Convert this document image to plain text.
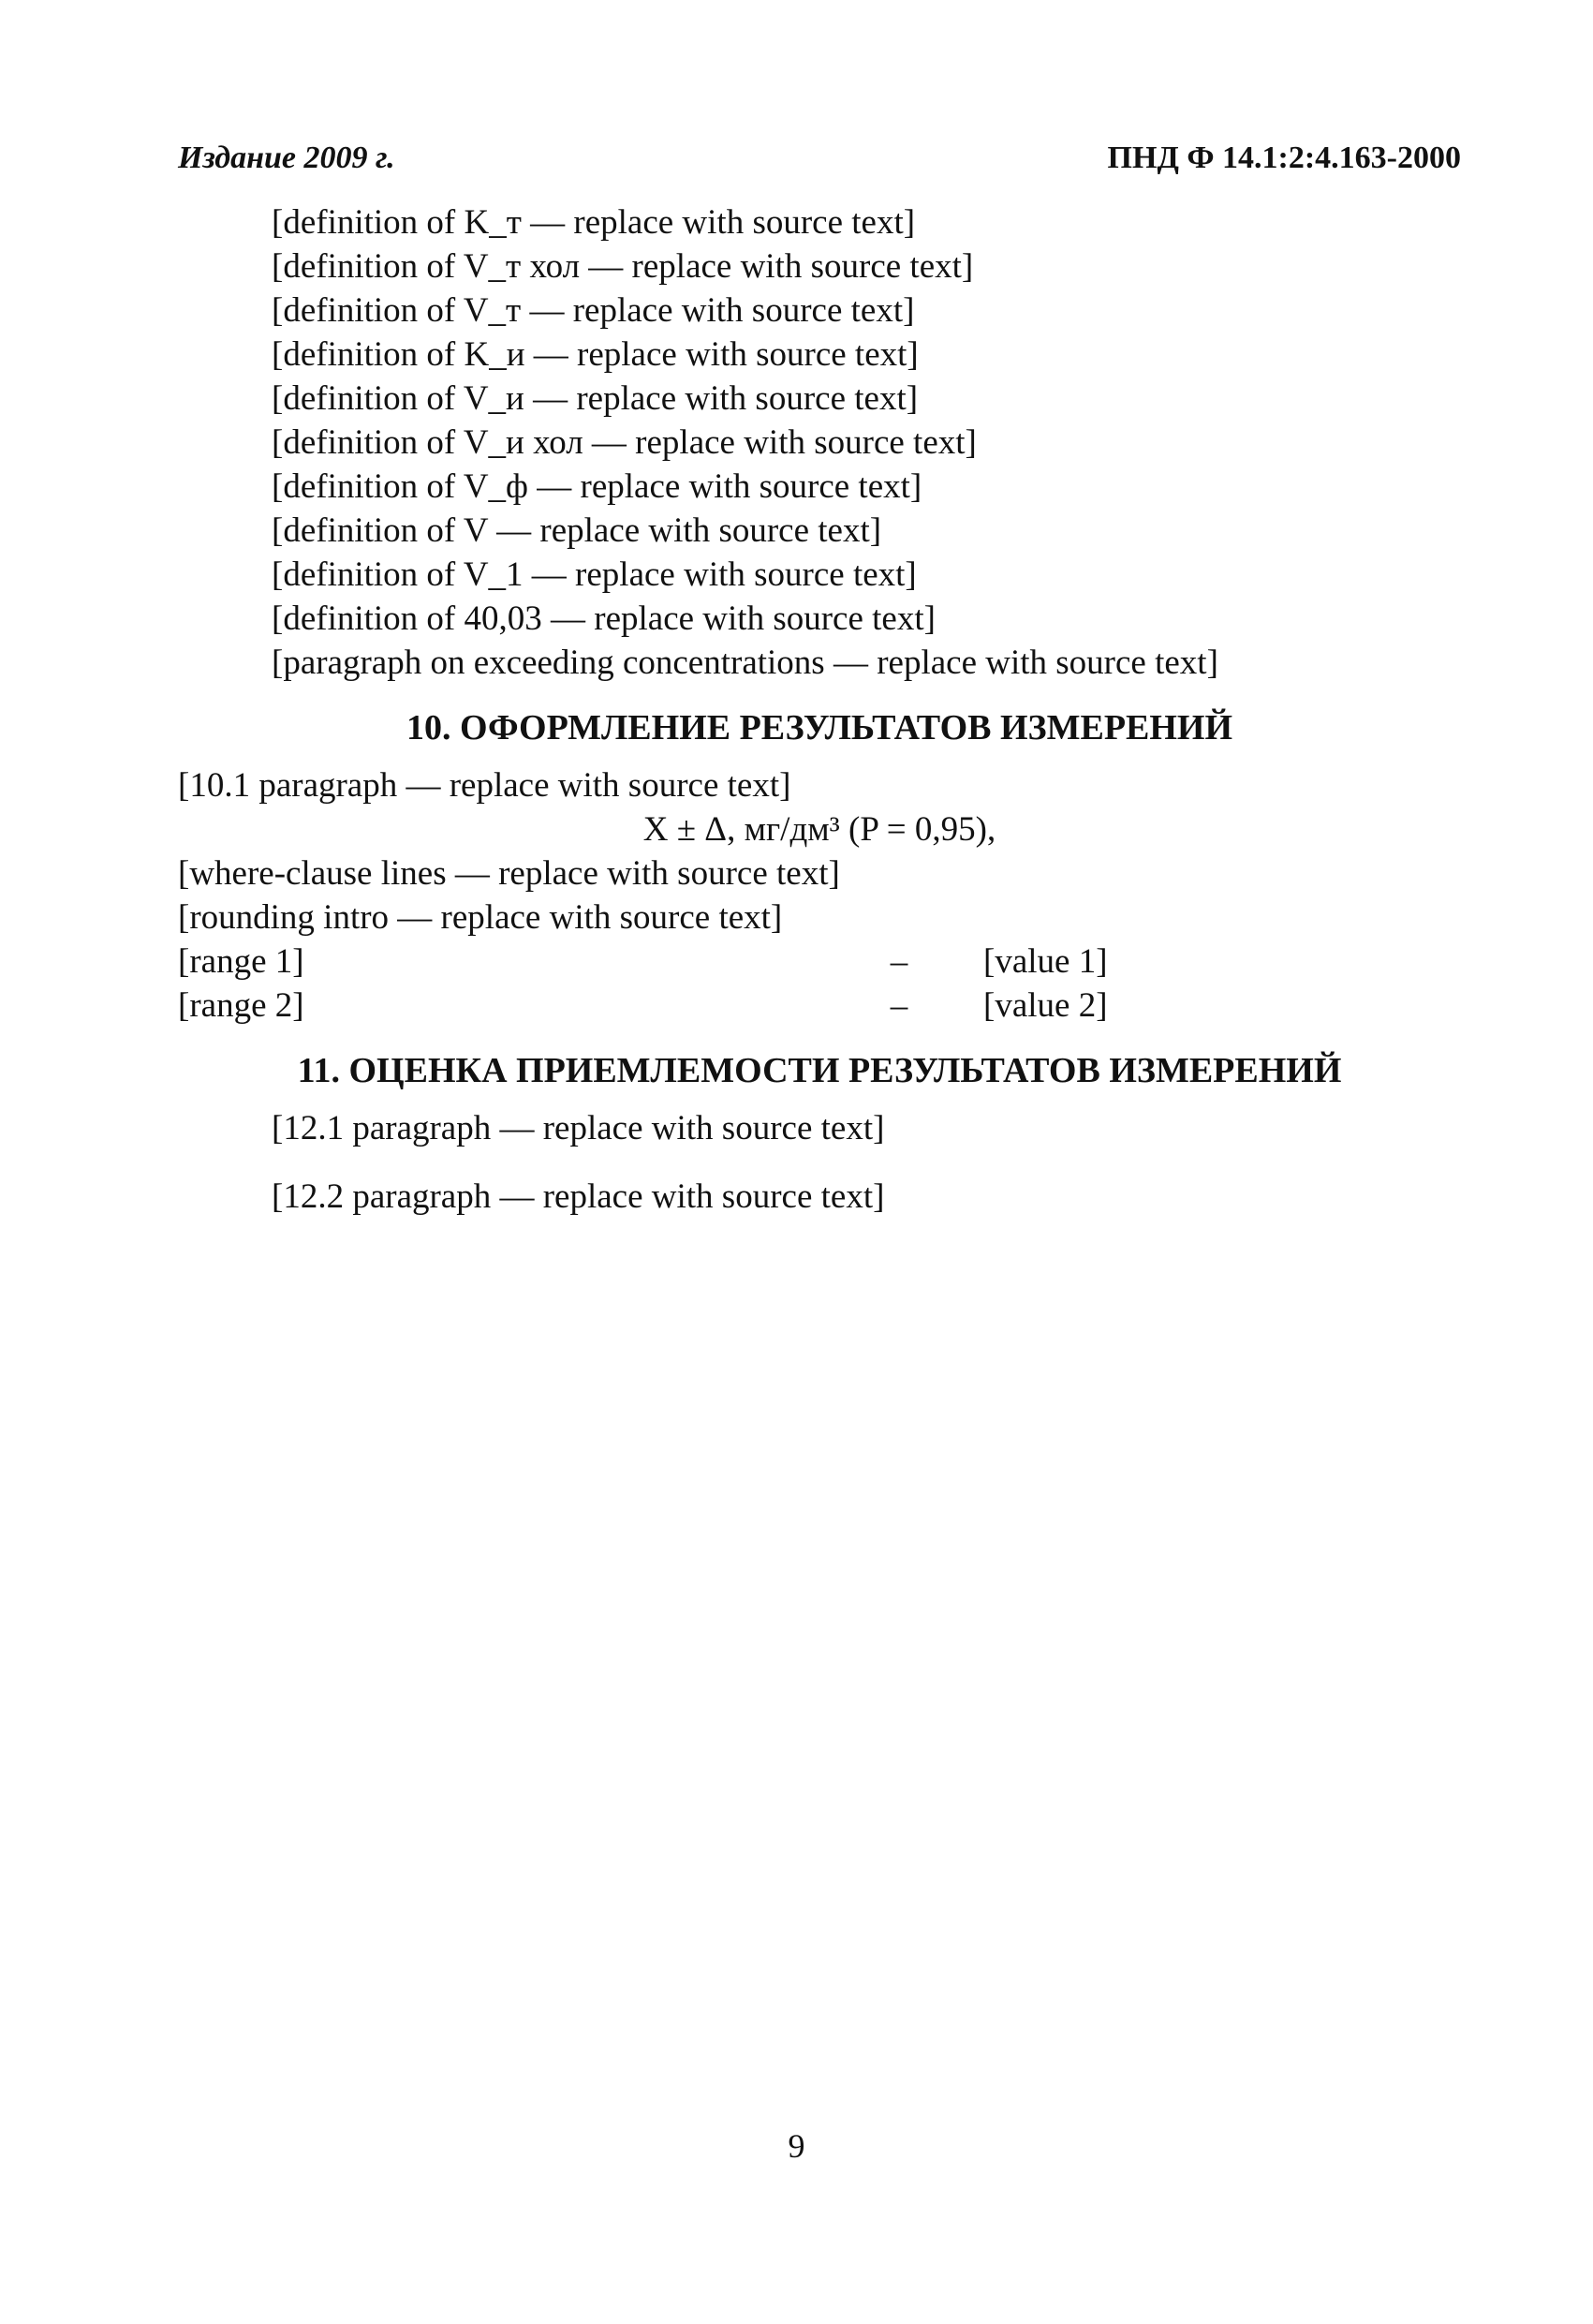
Издание 2009 г.	ПНД Ф 14.1:2:4.163-2000
[definition of K_т — replace with source text]
[definition of V_т хол — replace with source text]
[definition of V_т — replace with source text]
[definition of K_и — replace with source text]
[definition of V_и — replace with source text]
[definition of V_и хол — replace with source text]
[definition of V_ф — replace with source text]
[definition of V — replace with source text]
[definition of V_1 — replace with source text]
[definition of 40,03 — replace with source text]
[paragraph on exceeding concentrations — replace with source text]
10. ОФОРМЛЕНИЕ РЕЗУЛЬТАТОВ ИЗМЕРЕНИЙ
[10.1 paragraph — replace with source text]
X ± Δ, мг/дм³ (P = 0,95),
[where-clause lines — replace with source text]
[rounding intro — replace with source text]
[range 1]	–	[value 1]
[range 2]	–	[value 2]
11. ОЦЕНКА ПРИЕМЛЕМОСТИ РЕЗУЛЬТАТОВ ИЗМЕРЕНИЙ
[12.1 paragraph — replace with source text]
[12.2 paragraph — replace with source text]
9
